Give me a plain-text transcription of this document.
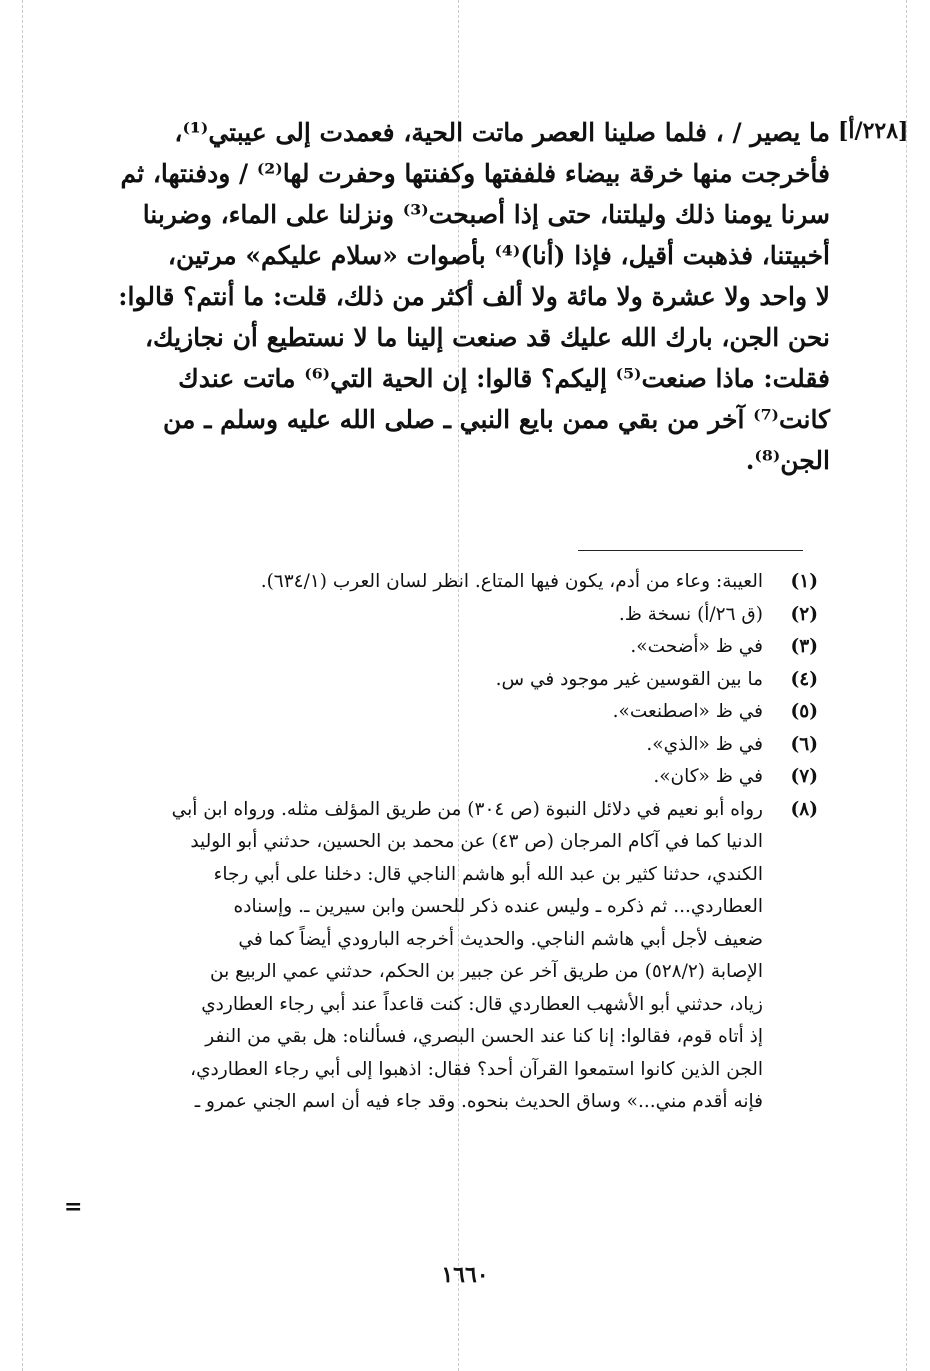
[٢٢٨/أ]
ما يصير / ، فلما صلينا العصر ماتت الحية، فعمدت إلى عيبتي⁽¹⁾،
فأخرجت منها خرقة بيضاء فلففتها وكفنتها وحفرت لها⁽²⁾ / ودفنتها، ثم
سرنا يومنا ذلك وليلتنا، حتى إذا أصبحت⁽³⁾ ونزلنا على الماء، وضربنا
أخبيتنا، فذهبت أقيل، فإذا (أنا)⁽⁴⁾ بأصوات «سلام عليكم» مرتين،
لا واحد ولا عشرة ولا مائة ولا ألف أكثر من ذلك، قلت: ما أنتم؟ قالوا:
نحن الجن، بارك الله عليك قد صنعت إلينا ما لا نستطيع أن نجازيك،
فقلت: ماذا صنعت⁽⁵⁾ إليكم؟ قالوا: إن الحية التي⁽⁶⁾ ماتت عندك
كانت⁽⁷⁾ آخر من بقي ممن بايع النبي ـ صلى الله عليه وسلم ـ من
الجن⁽⁸⁾.
(١)
العيبة: وعاء من أدم، يكون فيها المتاع. انظر لسان العرب (٦٣٤/١).
(٢)
(ق ٢٦/أ) نسخة ظ.
(٣)
في ظ «أضحت».
(٤)
ما بين القوسين غير موجود في س.
(٥)
في ظ «اصطنعت».
(٦)
في ظ «الذي».
(٧)
في ظ «كان».
(٨)
رواه أبو نعيم في دلائل النبوة (ص ٣٠٤) من طريق المؤلف مثله. ورواه ابن أبي
الدنيا كما في آكام المرجان (ص ٤٣) عن محمد بن الحسين، حدثني أبو الوليد
الكندي، حدثنا كثير بن عبد الله أبو هاشم الناجي قال: دخلنا على أبي رجاء
العطاردي... ثم ذكره ـ وليس عنده ذكر للحسن وابن سيرين ـ. وإسناده
ضعيف لأجل أبي هاشم الناجي. والحديث أخرجه البارودي أيضاً كما في
الإصابة (٥٢٨/٢) من طريق آخر عن جبير بن الحكم، حدثني عمي الربيع بن
زياد، حدثني أبو الأشهب العطاردي قال: كنت قاعداً عند أبي رجاء العطاردي
إذ أتاه قوم، فقالوا: إنا كنا عند الحسن البصري، فسألناه: هل بقي من النفر
الجن الذين كانوا استمعوا القرآن أحد؟ فقال: اذهبوا إلى أبي رجاء العطاردي،
فإنه أقدم مني...» وساق الحديث بنحوه. وقد جاء فيه أن اسم الجني عمرو ـ
=
١٦٦٠
